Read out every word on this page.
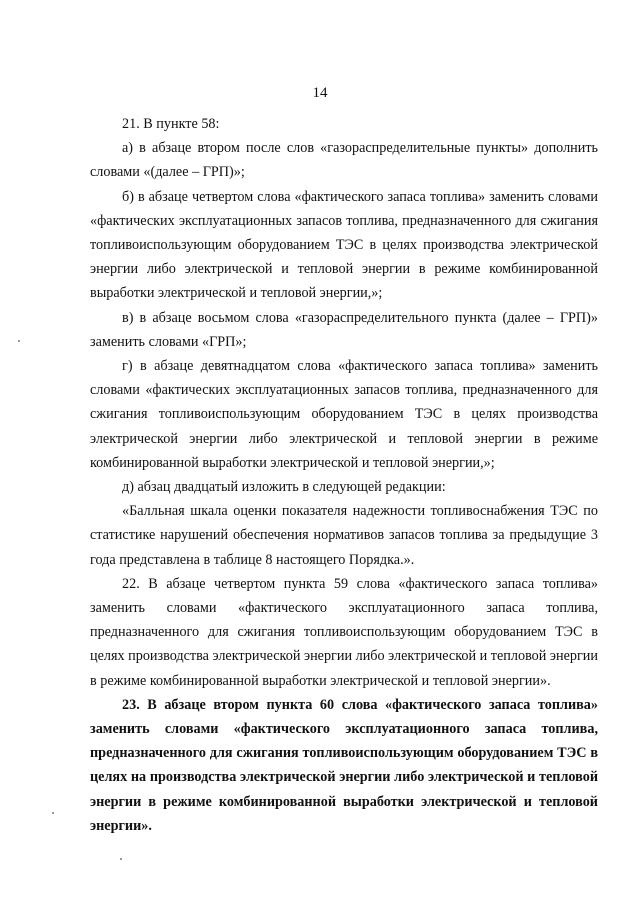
14

21. В пункте 58:

а) в абзаце втором после слов «газораспределительные пункты» дополнить словами «(далее – ГРП)»;

б) в абзаце четвертом слова «фактического запаса топлива» заменить словами «фактических эксплуатационных запасов топлива, предназначенного для сжигания топливоиспользующим оборудованием ТЭС в целях производства электрической энергии либо электрической и тепловой энергии в режиме комбинированной выработки электрической и тепловой энергии,»;

в) в абзаце восьмом слова «газораспределительного пункта (далее – ГРП)» заменить словами «ГРП»;

г) в абзаце девятнадцатом слова «фактического запаса топлива» заменить словами «фактических эксплуатационных запасов топлива, предназначенного для сжигания топливоиспользующим оборудованием ТЭС в целях производства электрической энергии либо электрической и тепловой энергии в режиме комбинированной выработки электрической и тепловой энергии,»;

д) абзац двадцатый изложить в следующей редакции:

«Балльная шкала оценки показателя надежности топливоснабжения ТЭС по статистике нарушений обеспечения нормативов запасов топлива за предыдущие 3 года представлена в таблице 8 настоящего Порядка.».

22. В абзаце четвертом пункта 59 слова «фактического запаса топлива» заменить словами «фактического эксплуатационного запаса топлива, предназначенного для сжигания топливоиспользующим оборудованием ТЭС в целях производства электрической энергии либо электрической и тепловой энергии в режиме комбинированной выработки электрической и тепловой энергии».

23. В абзаце втором пункта 60 слова «фактического запаса топлива» заменить словами «фактического эксплуатационного запаса топлива, предназначенного для сжигания топливоиспользующим оборудованием ТЭС в целях на производства электрической энергии либо электрической и тепловой энергии в режиме комбинированной выработки электрической и тепловой энергии».
